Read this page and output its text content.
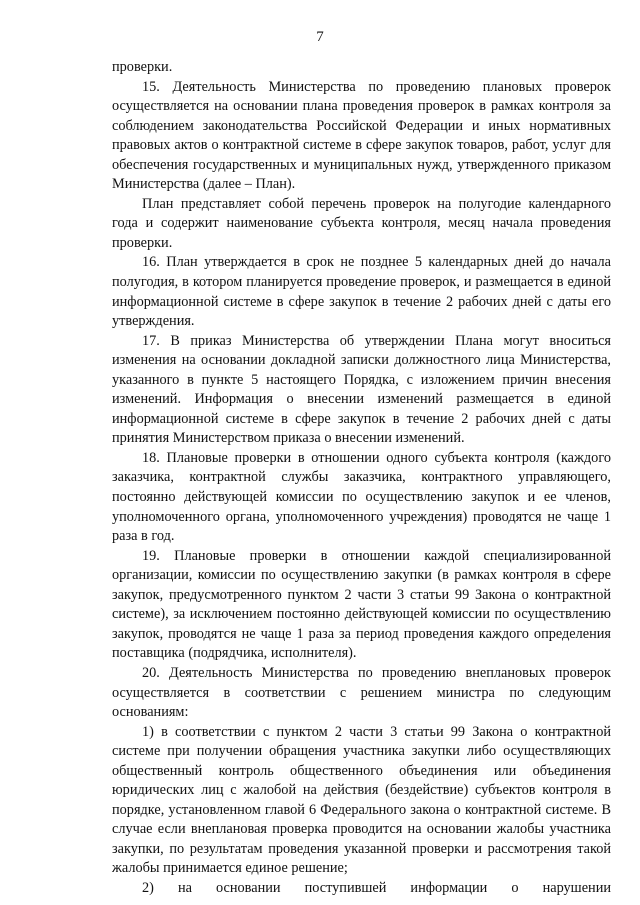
7

проверки.

15. Деятельность Министерства по проведению плановых проверок осуществляется на основании плана проведения проверок в рамках контроля за соблюдением законодательства Российской Федерации и иных нормативных правовых актов о контрактной системе в сфере закупок товаров, работ, услуг для обеспечения государственных и муниципальных нужд, утвержденного приказом Министерства (далее – План).

План представляет собой перечень проверок на полугодие календарного года и содержит наименование субъекта контроля, месяц начала проведения проверки.

16. План утверждается в срок не позднее 5 календарных дней до начала полугодия, в котором планируется проведение проверок, и размещается в единой информационной системе в сфере закупок в течение 2 рабочих дней с даты его утверждения.

17. В приказ Министерства об утверждении Плана могут вноситься изменения на основании докладной записки должностного лица Министерства, указанного в пункте 5 настоящего Порядка, с изложением причин внесения изменений. Информация о внесении изменений размещается в единой информационной системе в сфере закупок в течение 2 рабочих дней с даты принятия Министерством приказа о внесении изменений.

18. Плановые проверки в отношении одного субъекта контроля (каждого заказчика, контрактной службы заказчика, контрактного управляющего, постоянно действующей комиссии по осуществлению закупок и ее членов, уполномоченного органа, уполномоченного учреждения) проводятся не чаще 1 раза в год.

19. Плановые проверки в отношении каждой специализированной организации, комиссии по осуществлению закупки (в рамках контроля в сфере закупок, предусмотренного пунктом 2 части 3 статьи 99 Закона о контрактной системе), за исключением постоянно действующей комиссии по осуществлению закупок, проводятся не чаще 1 раза за период проведения каждого определения поставщика (подрядчика, исполнителя).

20. Деятельность Министерства по проведению внеплановых проверок осуществляется в соответствии с решением министра по следующим основаниям:

1) в соответствии с пунктом 2 части 3 статьи 99 Закона о контрактной системе при получении обращения участника закупки либо осуществляющих общественный контроль общественного объединения или объединения юридических лиц с жалобой на действия (бездействие) субъектов контроля в порядке, установленном главой 6 Федерального закона о контрактной системе. В случае если внеплановая проверка проводится на основании жалобы участника закупки, по результатам проведения указанной проверки и рассмотрения такой жалобы принимается единое решение;

2) на основании поступившей информации о нарушении
